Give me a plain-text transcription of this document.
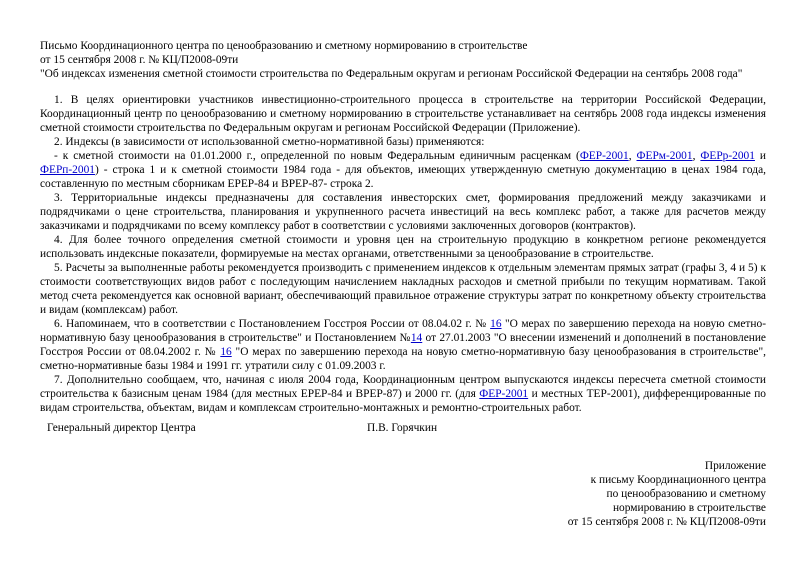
Письмо Координационного центра по ценообразованию и сметному нормированию в строительстве

от 15 сентября 2008 г. № КЦ/П2008-09ти

"Об индексах изменения сметной стоимости строительства по Федеральным округам и регионам Российской Федерации на сентябрь 2008 года"

1. В целях ориентировки участников инвестиционно-строительного процесса в строительстве на территории Российской Федерации, Координационный центр по ценообразованию и сметному нормированию в строительстве устанавливает на сентябрь 2008 года индексы изменения сметной стоимости строительства по Федеральным округам и регионам Российской Федерации (Приложение).

2. Индексы (в зависимости от использованной сметно-нормативной базы) применяются:

- к сметной стоимости на 01.01.2000 г., определенной по новым Федеральным единичным расценкам (ФЕР-2001, ФЕРм-2001, ФЕРр-2001 и ФЕРп-2001) - строка 1 и к сметной стоимости 1984 года - для объектов, имеющих утвержденную сметную документацию в ценах 1984 года, составленную по местным сборникам ЕРЕР-84 и ВРЕР-87- строка 2.

3. Территориальные индексы предназначены для составления инвесторских смет, формирования предложений между заказчиками и подрядчиками о цене строительства, планирования и укрупненного расчета инвестиций на весь комплекс работ, а также для расчетов между заказчиками и подрядчиками по всему комплексу работ в соответствии с условиями заключенных договоров (контрактов).

4. Для более точного определения сметной стоимости и уровня цен на строительную продукцию в конкретном регионе рекомендуется использовать индексные показатели, формируемые на местах органами, ответственными за ценообразование в строительстве.

5. Расчеты за выполненные работы рекомендуется производить с применением индексов к отдельным элементам прямых затрат (графы 3, 4 и 5) к стоимости соответствующих видов работ с последующим начислением накладных расходов и сметной прибыли по текущим нормативам. Такой метод счета рекомендуется как основной вариант, обеспечивающий правильное отражение структуры затрат по конкретному объекту строительства и видам (комплексам) работ.

6. Напоминаем, что в соответствии с Постановлением Госстроя России от 08.04.02 г. № 16 "О мерах по завершению перехода на новую сметно-нормативную базу ценообразования в строительстве" и Постановлением №14 от 27.01.2003 "О внесении изменений и дополнений в постановление Госстроя России от 08.04.2002 г. № 16 "О мерах по завершению перехода на новую сметно-нормативную базу ценообразования в строительстве", сметно-нормативные базы 1984 и 1991 гг. утратили силу с 01.09.2003 г.

7. Дополнительно сообщаем, что, начиная с июля 2004 года, Координационным центром выпускаются индексы пересчета сметной стоимости строительства к базисным ценам 1984 (для местных ЕРЕР-84 и ВРЕР-87) и 2000 гг. (для ФЕР-2001 и местных ТЕР-2001), дифференцированные по видам строительства, объектам, видам и комплексам строительно-монтажных и ремонтно-строительных работ.

Генеральный директор Центра	П.В. Горячкин

Приложение

к письму Координационного центра

по ценообразованию и сметному

нормированию в строительстве

от 15 сентября 2008 г. № КЦ/П2008-09ти
